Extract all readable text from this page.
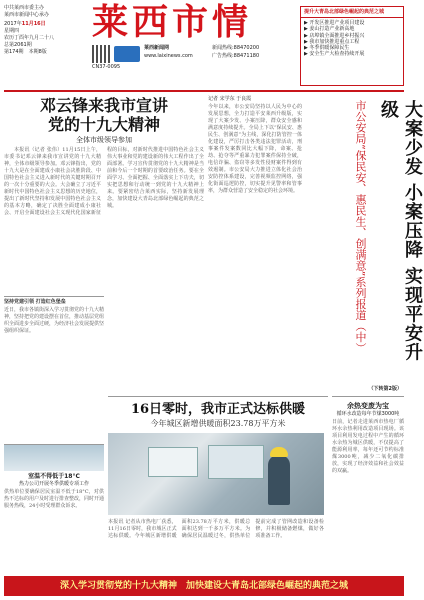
中共莱西市委主办
莱西市新闻中心承办
2017年11月16日
星期四
农历丁酉年九月二十八
总第2061期
第174期　 本期8版
莱西市情
莱西新闻网
www.laixinews.com
CN37-0095
新闻热线:88470200
广告热线:88471180
提升大青岛北部绿色崛起的典范之城
▶ 开发区推进产业项目建设
▶ 姜山打造产业新高地
▶ 店埠镇全面推进乡村振兴
▶ 我市加快推进重点工程
▶ 冬季供暖保障民生
▶ 安全生产大检查持续开展
邓云锋来我市宣讲
党的十九大精神
全体市级领导参加

本报讯（记者 张伟）11月15日上午，市委书记邓云锋来我市宣讲党的十九大精神，全体市级领导参加。邓云锋指出，党的十九大是在全面建成小康社会决胜阶段、中国特色社会主义进入新时代的关键时期召开的一次十分重要的大会。大会确立了习近平新时代中国特色社会主义思想的历史地位，提出了新时代坚持和发展中国特色社会主义的基本方略，确定了决胜全面建成小康社会、开启全面建设社会主义现代化国家新征程的目标，对新时代推进中国特色社会主义伟大事业和党的建设新的伟大工程作出了全面部署。学习宣传贯彻党的十九大精神是当前和今后一个时期的首要政治任务。要在全面学习、全面把握、全面落实上下功夫，切实把思想和行动统一到党的十九大精神上来。要紧密结合莱西实际，坚持新发展理念，加快建设大青岛北部绿色崛起的典范之城。

坚持党建引领 打造红色堡垒
近日，我市各镇街深入学习贯彻党的十九大精神，坚持把党的建设摆在首位，推动基层党组织全面进步全面过硬，为经济社会发展提供坚强组织保证。
记者 宋学东 于良霞
今年以来，市公安局坚持以人民为中心的发展思想，全力打造平安莱西升级版，实现了大案少发、小案压降，群众安全感和满意度持续提升。全局上下以“保民安、惠民生、创满意”为主线，深化打防管控一体化建设，严厉打击各类违法犯罪活动，刑事案件发案数同比大幅下降，命案、抢劫、抢夺等严重暴力犯罪案件保持全破，电信诈骗、盗窃等多发性侵财案件得到有效遏制。市公安局大力推进立体化社会治安防控体系建设，完善视频监控网络，强化街面巡逻防控，切实提升见警率和管事率，为群众营造了安全稳定的社会环境。	大案少发 小案压降 实现平安升级
市公安局“保民安、惠民生、创满意”系列报道（中）
（下转第2版）
16日零时，我市正式达标供暖
今年城区新增供暖面积23.78万平方米
本报讯 记者从市热电厂获悉，11月16日零时，我市城区正式达标供暖。今年城区新增供暖面积23.78万平方米，供暖总面积达到一千多万平方米。为确保居民温暖过冬，供热单位提前完成了管网改造和设备检修，并积极储备燃煤，做好各项准备工作。
室温不得低于18°C
热力公司开展冬季供暖专项工作
供热单位要确保居民室温不低于18°C，对供热不达标的用户及时进行排查整改，同时开通服务热线，24小时受理群众诉求。
余热变废为宝
循环水改造每年节煤3000吨
日前，记者走进莱西市热电厂循环水余热利用改造项目现场。该项目利用发电过程中产生的循环水余热为城区供暖，不仅提高了能源利用率，每年还可节约标准煤3000吨，减少二氧化碳排放，实现了经济效益和社会效益的双赢。
深入学习贯彻党的十九大精神　加快建设大青岛北部绿色崛起的典范之城
